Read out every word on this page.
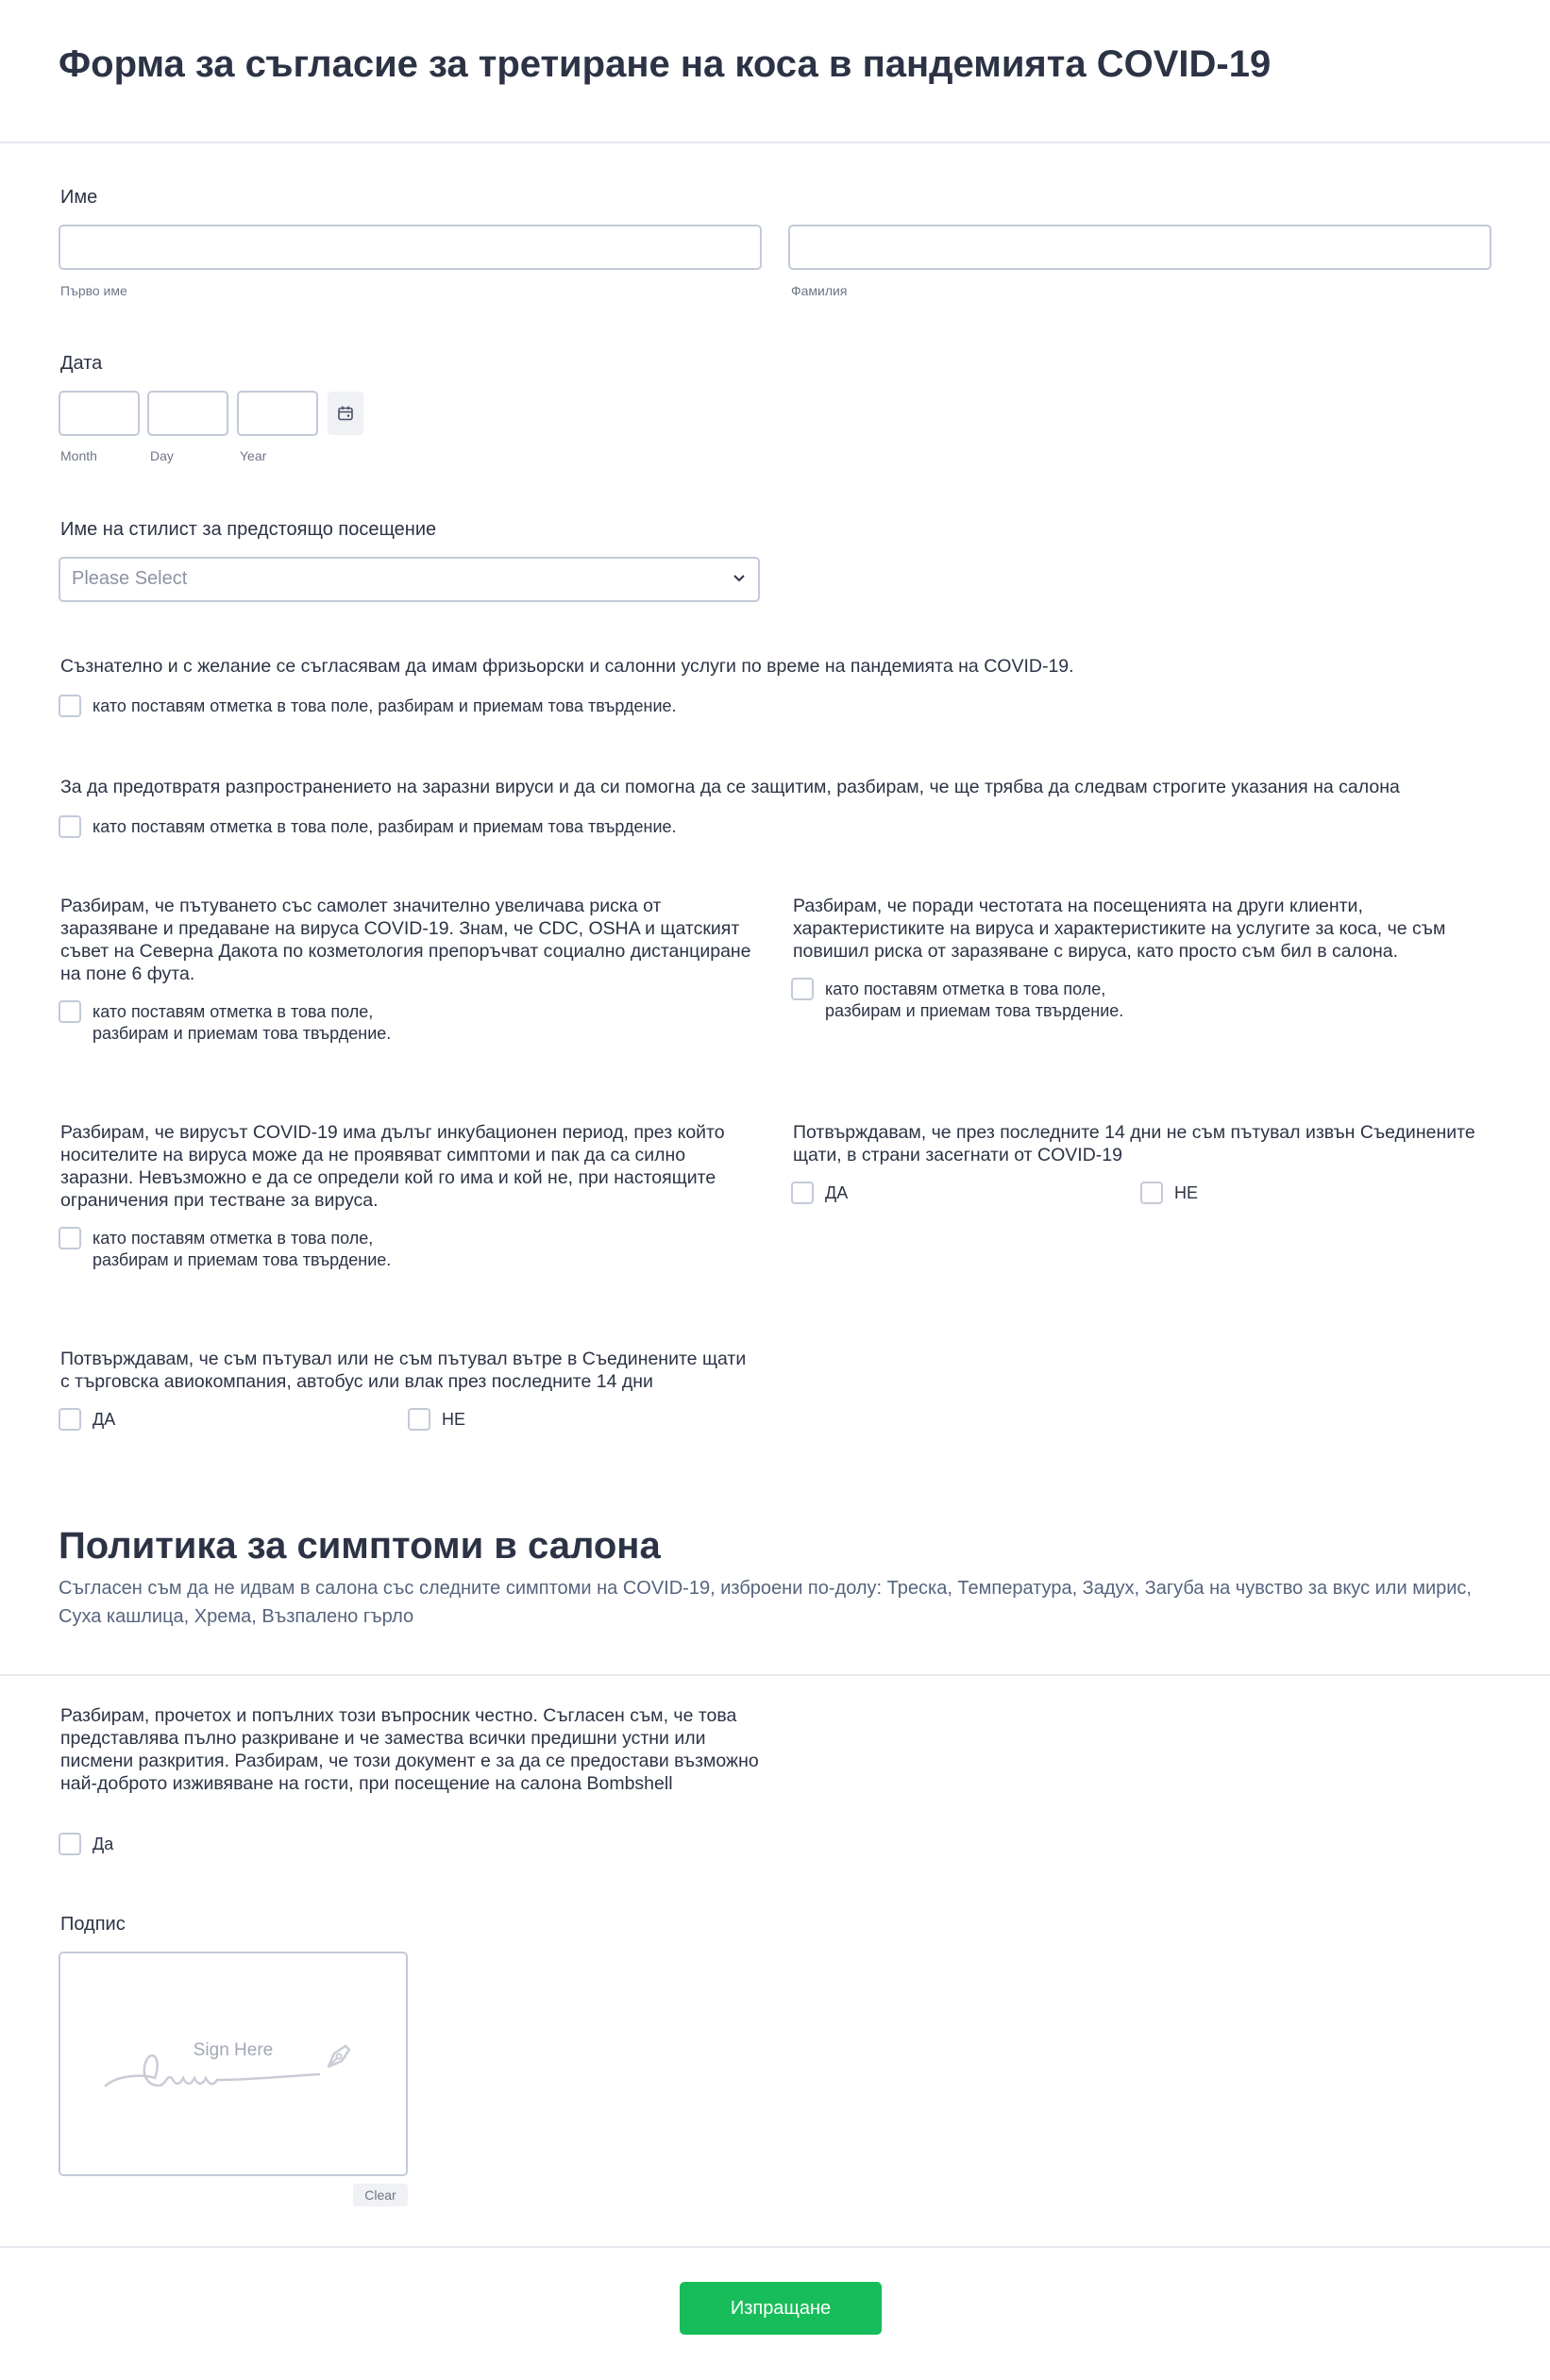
Форма за съгласие за третиране на коса в пандемията COVID-19
Име
Първо име	Фамилия
Дата
Month	Day	Year
Име на стилист за предстоящо посещение
Please Select
Съзнателно и с желание се съгласявам да имам фризьорски и салонни услуги по време на пандемията на COVID-19.
като поставям отметка в това поле, разбирам и приемам това твърдение.
За да предотвратя разпространението на заразни вируси и да си помогна да се защитим, разбирам, че ще трябва да следвам строгите указания на салона
като поставям отметка в това поле, разбирам и приемам това твърдение.
Разбирам, че пътуването със самолет значително увеличава риска от заразяване и предаване на вируса COVID-19. Знам, че CDC, OSHA и щатският съвет на Северна Дакота по козметология препоръчват социално дистанциране на поне 6 фута.
като поставям отметка в това поле, разбирам и приемам това твърдение.
Разбирам, че поради честотата на посещенията на други клиенти, характеристиките на вируса и характеристиките на услугите за коса, че съм повишил риска от заразяване с вируса, като просто съм бил в салона.
като поставям отметка в това поле, разбирам и приемам това твърдение.
Разбирам, че вирусът COVID-19 има дълъг инкубационен период, през който носителите на вируса може да не проявяват симптоми и пак да са силно заразни. Невъзможно е да се определи кой го има и кой не, при настоящите ограничения при тестване за вируса.
като поставям отметка в това поле, разбирам и приемам това твърдение.
Потвърждавам, че през последните 14 дни не съм пътувал извън Съединените щати, в страни засегнати от COVID-19
ДА	НЕ
Потвърждавам, че съм пътувал или не съм пътувал вътре в Съединените щати с търговска авиокомпания, автобус или влак през последните 14 дни
ДА	НЕ
Политика за симптоми в салона
Съгласен съм да не идвам в салона със следните симптоми на COVID-19, изброени по-долу: Треска, Температура, Задух, Загуба на чувство за вкус или мирис, Суха кашлица, Хрема, Възпалено гърло
Разбирам, прочетох и попълних този въпросник честно. Съгласен съм, че това представлява пълно разкриване и че замества всички предишни устни или писмени разкрития. Разбирам, че този документ е за да се предостави възможно най-доброто изживяване на гости, при посещение на салона Bombshell
Да
Подпис
Sign Here
Clear
Изпращане
